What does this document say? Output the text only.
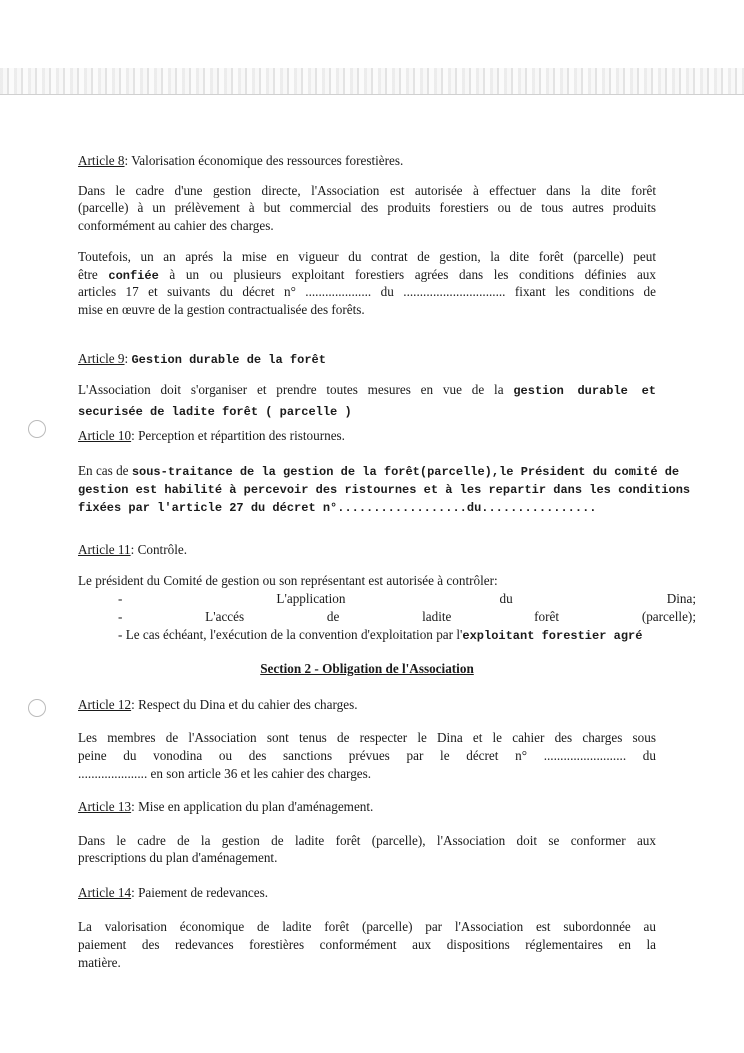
Article 8: Valorisation économique des ressources forestières.
Dans le cadre d'une gestion directe, l'Association est autorisée à effectuer dans la dite forêt
(parcelle) à un prélèvement à but commercial des produits forestiers ou de tous autres produits
conformément au cahier des charges.
Toutefois, un an aprés la mise en vigueur du contrat de gestion, la dite forêt (parcelle) peut
être confiée à un ou plusieurs exploitant forestiers agrées dans les conditions définies aux
articles 17 et suivants du décret n° .................... du ............................... fixant les conditions de
mise en œuvre de la gestion contractualisée des forêts.
Article 9: Gestion durable de la forêt
L'Association doit s'organiser et prendre toutes mesures en vue de la gestion durable et
securisée de ladite forêt ( parcelle )
Article 10: Perception et répartition des ristournes.
En cas de sous-traitance de la gestion de la forêt(parcelle),le Président du comité de
gestion est habilité à percevoir des ristournes et à les repartir dans les conditions
fixées par l'article 27 du décret n°..................du................
Article 11: Contrôle.
Le président du Comité de gestion ou son représentant est autorisée à contrôler:
- L'application du Dina;
- L'accés de ladite forêt (parcelle);
- Le cas échéant, l'exécution de la convention d'exploitation par l'exploitant forestier agré
Section 2 - Obligation de l'Association
Article 12: Respect du Dina et du cahier des charges.
Les membres de l'Association sont tenus de respecter le Dina et le cahier des charges sous
peine du vonodina ou des sanctions prévues par le décret n° ......................... du
..................... en son article 36 et les cahier des charges.
Article 13: Mise en application du plan d'aménagement.
Dans le cadre de la gestion de ladite forêt (parcelle), l'Association doit se conformer aux
prescriptions du plan d'aménagement.
Article 14: Paiement de redevances.
La valorisation économique de ladite forêt (parcelle) par l'Association est subordonnée au
paiement des redevances forestières conformément aux dispositions réglementaires en la
matière.
